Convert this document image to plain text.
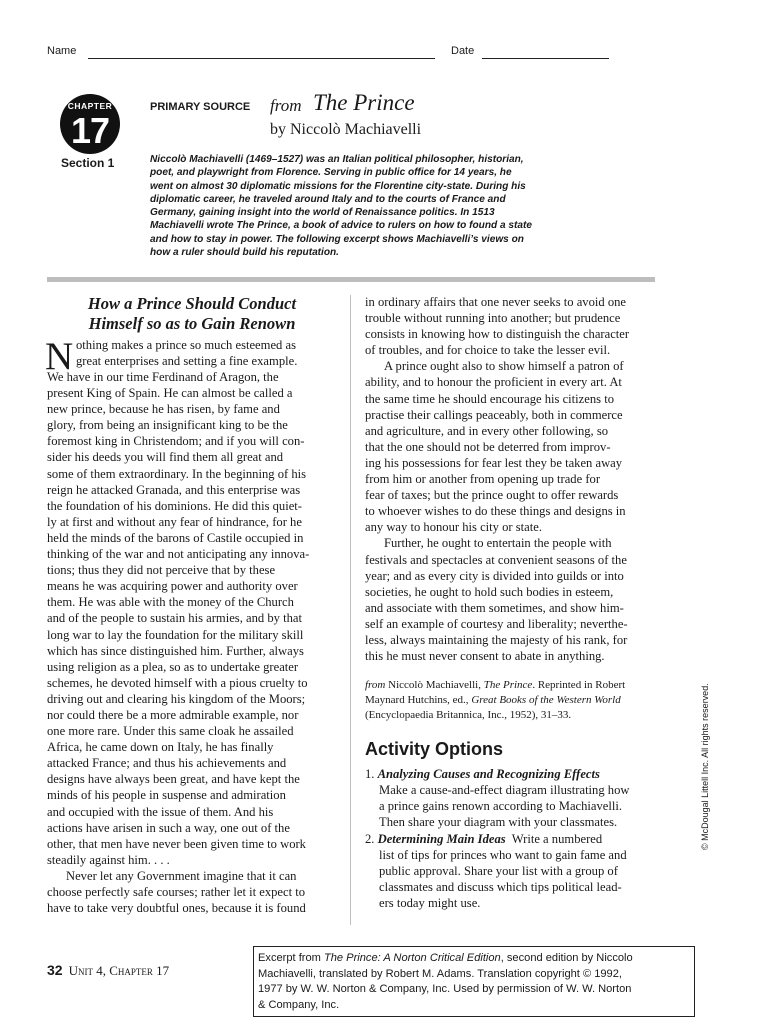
Name	Date
CHAPTER
17
Section 1
PRIMARY SOURCE from The Prince
by Niccolò Machiavelli
Niccolò Machiavelli (1469–1527) was an Italian political philosopher, historian,
poet, and playwright from Florence. Serving in public office for 14 years, he
went on almost 30 diplomatic missions for the Florentine city-state. During his
diplomatic career, he traveled around Italy and to the courts of France and
Germany, gaining insight into the world of Renaissance politics. In 1513
Machiavelli wrote The Prince, a book of advice to rulers on how to found a state
and how to stay in power. The following excerpt shows Machiavelli’s views on
how a ruler should build his reputation.
How a Prince Should Conduct
Himself so as to Gain Renown
N othing makes a prince so much esteemed as
great enterprises and setting a fine example.
We have in our time Ferdinand of Aragon, the
present King of Spain. He can almost be called a
new prince, because he has risen, by fame and
glory, from being an insignificant king to be the
foremost king in Christendom; and if you will con-
sider his deeds you will find them all great and
some of them extraordinary. In the beginning of his
reign he attacked Granada, and this enterprise was
the foundation of his dominions. He did this quiet-
ly at first and without any fear of hindrance, for he
held the minds of the barons of Castile occupied in
thinking of the war and not anticipating any innova-
tions; thus they did not perceive that by these
means he was acquiring power and authority over
them. He was able with the money of the Church
and of the people to sustain his armies, and by that
long war to lay the foundation for the military skill
which has since distinguished him. Further, always
using religion as a plea, so as to undertake greater
schemes, he devoted himself with a pious cruelty to
driving out and clearing his kingdom of the Moors;
nor could there be a more admirable example, nor
one more rare. Under this same cloak he assailed
Africa, he came down on Italy, he has finally
attacked France; and thus his achievements and
designs have always been great, and have kept the
minds of his people in suspense and admiration
and occupied with the issue of them. And his
actions have arisen in such a way, one out of the
other, that men have never been given time to work
steadily against him. . . .
Never let any Government imagine that it can
choose perfectly safe courses; rather let it expect to
have to take very doubtful ones, because it is found
in ordinary affairs that one never seeks to avoid one
trouble without running into another; but prudence
consists in knowing how to distinguish the character
of troubles, and for choice to take the lesser evil.
A prince ought also to show himself a patron of
ability, and to honour the proficient in every art. At
the same time he should encourage his citizens to
practise their callings peaceably, both in commerce
and agriculture, and in every other following, so
that the one should not be deterred from improv-
ing his possessions for fear lest they be taken away
from him or another from opening up trade for
fear of taxes; but the prince ought to offer rewards
to whoever wishes to do these things and designs in
any way to honour his city or state.
Further, he ought to entertain the people with
festivals and spectacles at convenient seasons of the
year; and as every city is divided into guilds or into
societies, he ought to hold such bodies in esteem,
and associate with them sometimes, and show him-
self an example of courtesy and liberality; neverthe-
less, always maintaining the majesty of his rank, for
this he must never consent to abate in anything.
from Niccolò Machiavelli, The Prince. Reprinted in Robert
Maynard Hutchins, ed., Great Books of the Western World
(Encyclopaedia Britannica, Inc., 1952), 31–33.
Activity Options
1. Analyzing Causes and Recognizing Effects
Make a cause-and-effect diagram illustrating how
a prince gains renown according to Machiavelli.
Then share your diagram with your classmates.
2. Determining Main Ideas Write a numbered
list of tips for princes who want to gain fame and
public approval. Share your list with a group of
classmates and discuss which tips political lead-
ers today might use.
32 Unit 4, Chapter 17
Excerpt from The Prince: A Norton Critical Edition, second edition by Niccolo
Machiavelli, translated by Robert M. Adams. Translation copyright © 1992,
1977 by W. W. Norton & Company, Inc. Used by permission of W. W. Norton
& Company, Inc.
© McDougal Littell Inc. All rights reserved.
